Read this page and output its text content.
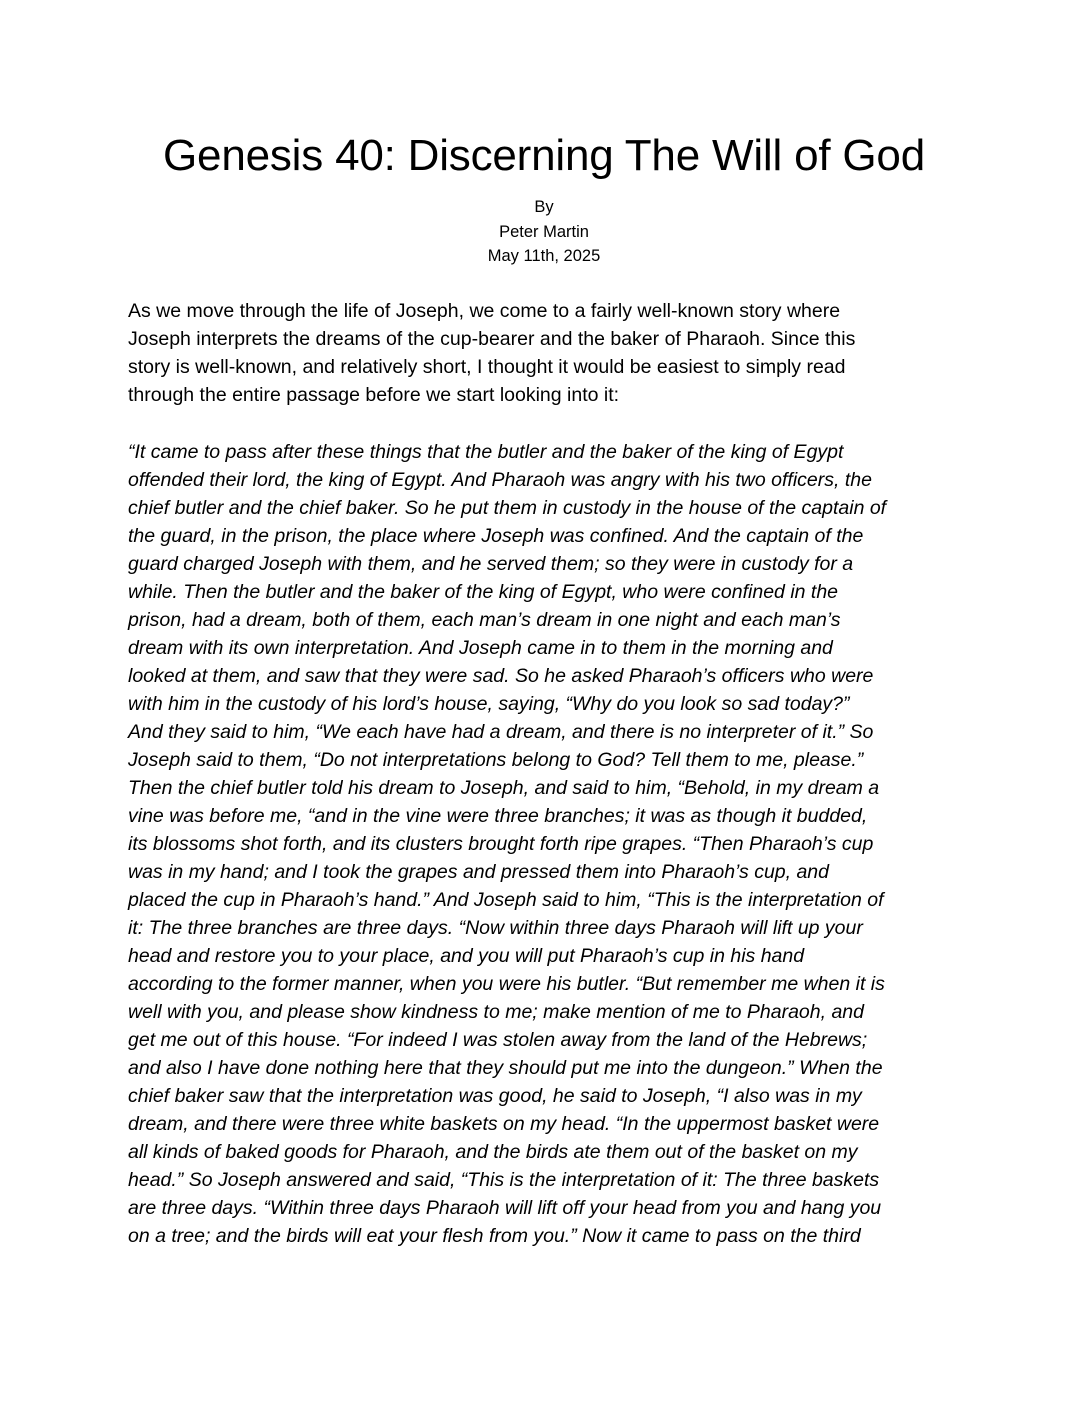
Genesis 40: Discerning The Will of God
By
Peter Martin
May 11th, 2025
As we move through the life of Joseph, we come to a fairly well-known story where
Joseph interprets the dreams of the cup-bearer and the baker of Pharaoh. Since this
story is well-known, and relatively short, I thought it would be easiest to simply read
through the entire passage before we start looking into it:
“It came to pass after these things that the butler and the baker of the king of Egypt
offended their lord, the king of Egypt. And Pharaoh was angry with his two officers, the
chief butler and the chief baker. So he put them in custody in the house of the captain of
the guard, in the prison, the place where Joseph was confined. And the captain of the
guard charged Joseph with them, and he served them; so they were in custody for a
while. Then the butler and the baker of the king of Egypt, who were confined in the
prison, had a dream, both of them, each man’s dream in one night and each man’s
dream with its own interpretation. And Joseph came in to them in the morning and
looked at them, and saw that they were sad. So he asked Pharaoh’s officers who were
with him in the custody of his lord’s house, saying, “Why do you look so sad today?”
And they said to him, “We each have had a dream, and there is no interpreter of it.” So
Joseph said to them, “Do not interpretations belong to God? Tell them to me, please.”
Then the chief butler told his dream to Joseph, and said to him, “Behold, in my dream a
vine was before me, “and in the vine were three branches; it was as though it budded,
its blossoms shot forth, and its clusters brought forth ripe grapes. “Then Pharaoh’s cup
was in my hand; and I took the grapes and pressed them into Pharaoh’s cup, and
placed the cup in Pharaoh’s hand.” And Joseph said to him, “This is the interpretation of
it: The three branches are three days. “Now within three days Pharaoh will lift up your
head and restore you to your place, and you will put Pharaoh’s cup in his hand
according to the former manner, when you were his butler. “But remember me when it is
well with you, and please show kindness to me; make mention of me to Pharaoh, and
get me out of this house. “For indeed I was stolen away from the land of the Hebrews;
and also I have done nothing here that they should put me into the dungeon.” When the
chief baker saw that the interpretation was good, he said to Joseph, “I also was in my
dream, and there were three white baskets on my head. “In the uppermost basket were
all kinds of baked goods for Pharaoh, and the birds ate them out of the basket on my
head.” So Joseph answered and said, “This is the interpretation of it: The three baskets
are three days. “Within three days Pharaoh will lift off your head from you and hang you
on a tree; and the birds will eat your flesh from you.” Now it came to pass on the third
